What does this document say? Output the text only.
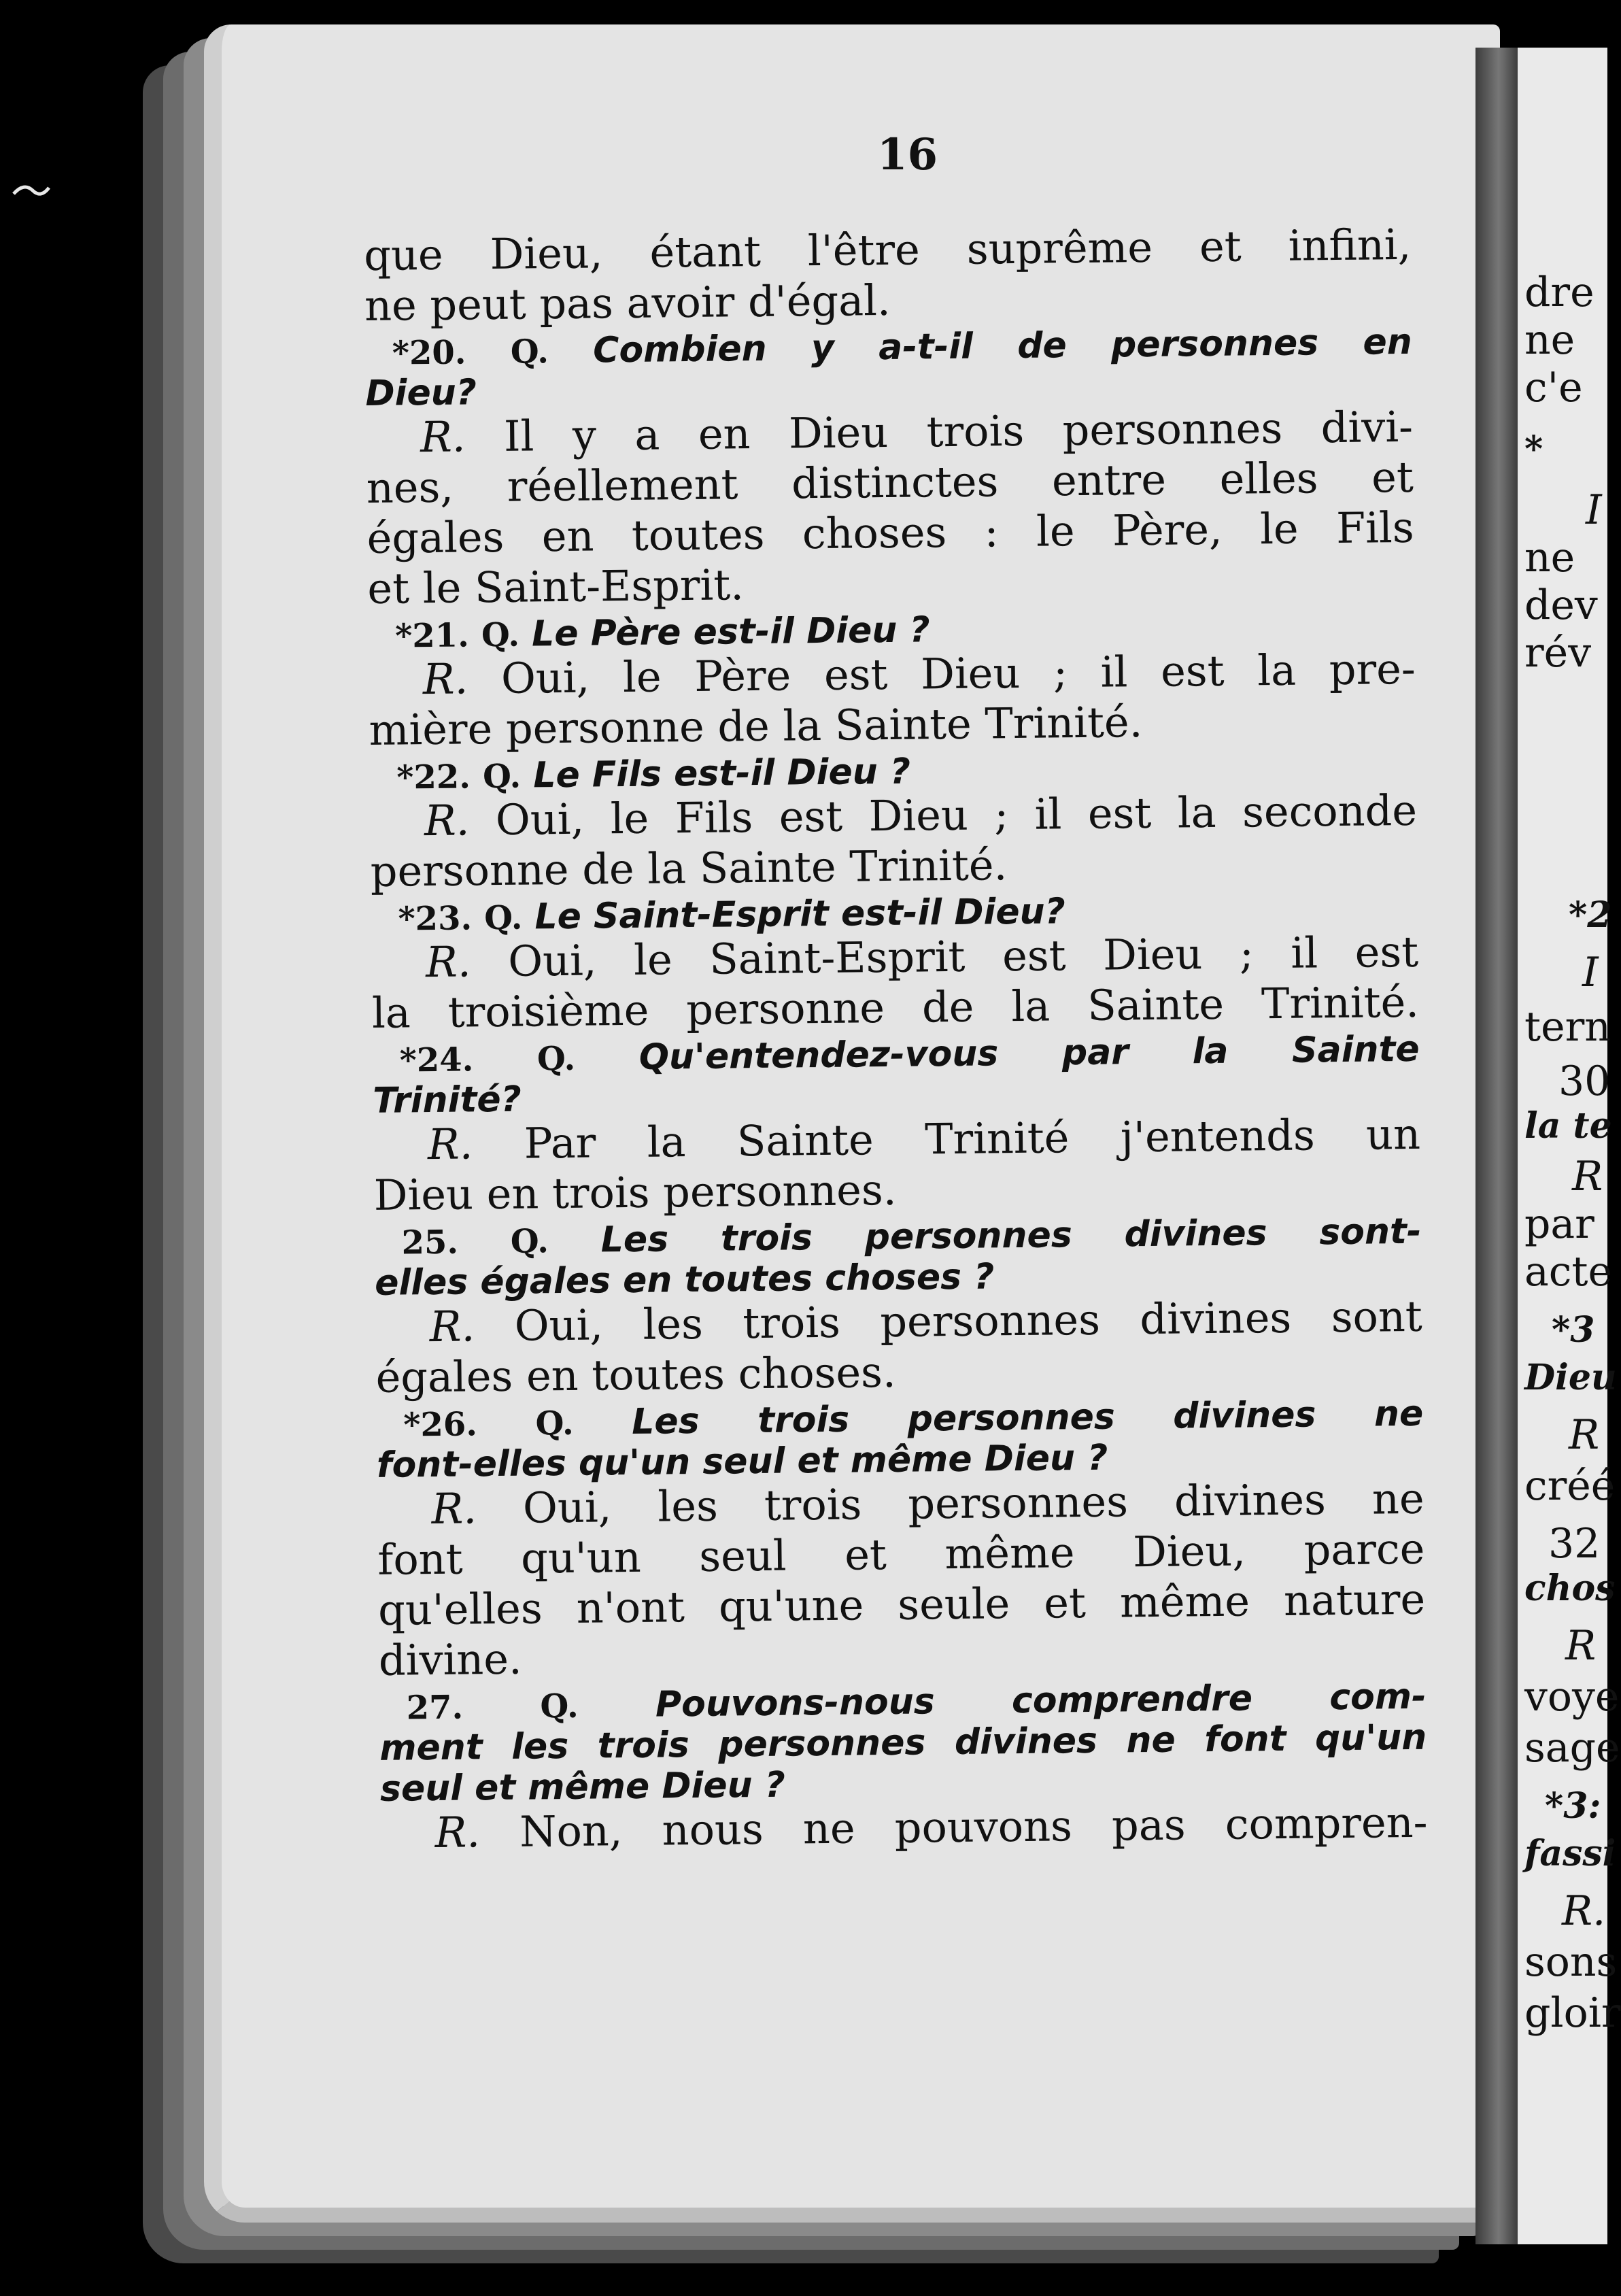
dre
ne
c'e
*
I
ne
dev
rév
*2
I
tern
30
la te
R
par
acte
*3
Dieu
R
créé
32
chos
R
voye
sage
*3:
fassi
R.
sons
gloir
16
que Dieu, étant l'être suprême et infini,
ne peut pas avoir d'égal.
*20. Q. Combien y a-t-il de personnes en
Dieu?
R. Il y a en Dieu trois personnes divi-
nes, réellement distinctes entre elles et
égales en toutes choses : le Père, le Fils
et le Saint-Esprit.
*21. Q. Le Père est-il Dieu ?
R. Oui, le Père est Dieu ; il est la pre-
mière personne de la Sainte Trinité.
*22. Q. Le Fils est-il Dieu ?
R. Oui, le Fils est Dieu ; il est la seconde
personne de la Sainte Trinité.
*23. Q. Le Saint-Esprit est-il Dieu?
R. Oui, le Saint-Esprit est Dieu ; il est
la troisième personne de la Sainte Trinité.
*24. Q. Qu'entendez-vous par la Sainte
Trinité?
R. Par la Sainte Trinité j'entends un
Dieu en trois personnes.
25. Q. Les trois personnes divines sont-
elles égales en toutes choses ?
R. Oui, les trois personnes divines sont
égales en toutes choses.
*26. Q. Les trois personnes divines ne
font-elles qu'un seul et même Dieu ?
R. Oui, les trois personnes divines ne
font qu'un seul et même Dieu, parce
qu'elles n'ont qu'une seule et même nature
divine.
27. Q. Pouvons-nous comprendre com-
ment les trois personnes divines ne font qu'un
seul et même Dieu ?
R. Non, nous ne pouvons pas compren-
